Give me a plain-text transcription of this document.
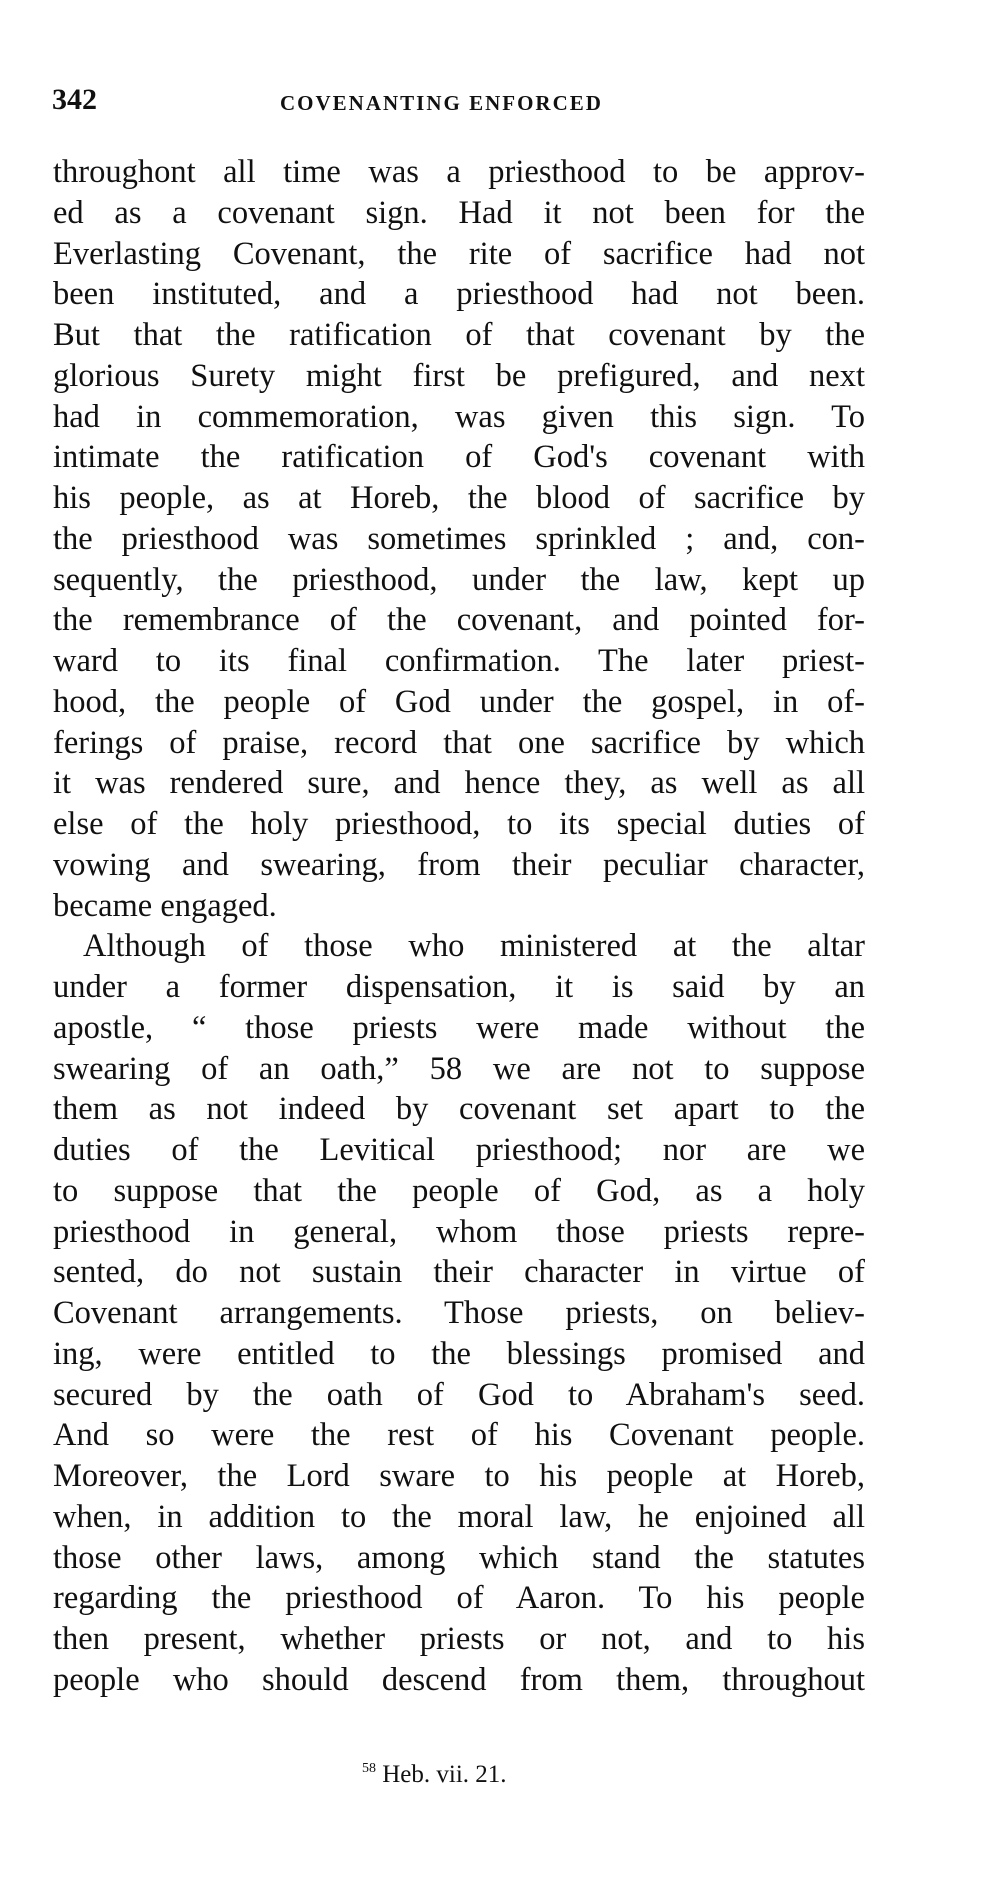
342	COVENANTING ENFORCED
throughont all time was a priesthood to be approv-
ed as a covenant sign. Had it not been for the
Everlasting Covenant, the rite of sacrifice had not
been instituted, and a priesthood had not been.
But that the ratification of that covenant by the
glorious Surety might first be prefigured, and next
had in commemoration, was given this sign. To
intimate the ratification of God's covenant with
his people, as at Horeb, the blood of sacrifice by
the priesthood was sometimes sprinkled ; and, con-
sequently, the priesthood, under the law, kept up
the remembrance of the covenant, and pointed for-
ward to its final confirmation. The later priest-
hood, the people of God under the gospel, in of-
ferings of praise, record that one sacrifice by which
it was rendered sure, and hence they, as well as all
else of the holy priesthood, to its special duties of
vowing and swearing, from their peculiar character,
became engaged.
Although of those who ministered at the altar
under a former dispensation, it is said by an
apostle, “ those priests were made without the
swearing of an oath,” 58 we are not to suppose
them as not indeed by covenant set apart to the
duties of the Levitical priesthood; nor are we
to suppose that the people of God, as a holy
priesthood in general, whom those priests repre-
sented, do not sustain their character in virtue of
Covenant arrangements. Those priests, on believ-
ing, were entitled to the blessings promised and
secured by the oath of God to Abraham's seed.
And so were the rest of his Covenant people.
Moreover, the Lord sware to his people at Horeb,
when, in addition to the moral law, he enjoined all
those other laws, among which stand the statutes
regarding the priesthood of Aaron. To his people
then present, whether priests or not, and to his
people who should descend from them, throughout
$^{58}$ Heb. vii. 21.
